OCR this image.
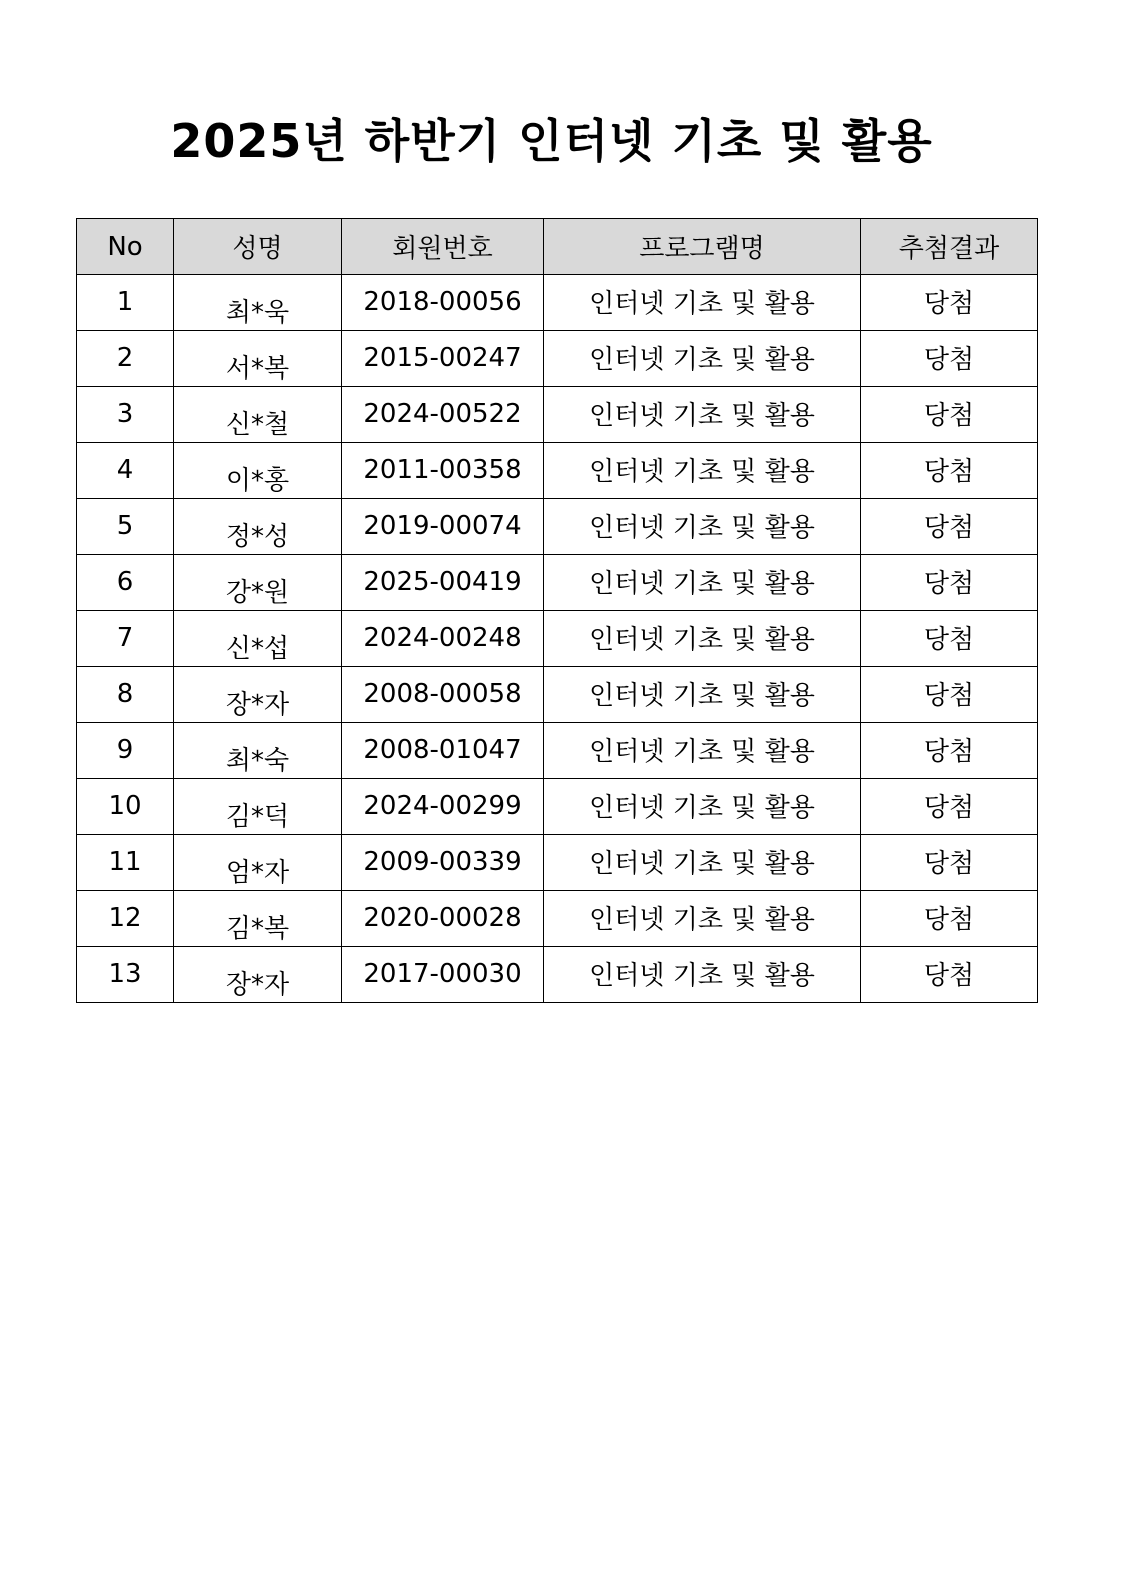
2025년 하반기 인터넷 기초 및 활용
No	성명	회원번호	프로그램명	추첨결과
1	최*욱	2018-00056	인터넷 기초 및 활용	당첨
2	서*복	2015-00247	인터넷 기초 및 활용	당첨
3	신*철	2024-00522	인터넷 기초 및 활용	당첨
4	이*홍	2011-00358	인터넷 기초 및 활용	당첨
5	정*성	2019-00074	인터넷 기초 및 활용	당첨
6	강*원	2025-00419	인터넷 기초 및 활용	당첨
7	신*섭	2024-00248	인터넷 기초 및 활용	당첨
8	장*자	2008-00058	인터넷 기초 및 활용	당첨
9	최*숙	2008-01047	인터넷 기초 및 활용	당첨
10	김*덕	2024-00299	인터넷 기초 및 활용	당첨
11	엄*자	2009-00339	인터넷 기초 및 활용	당첨
12	김*복	2020-00028	인터넷 기초 및 활용	당첨
13	장*자	2017-00030	인터넷 기초 및 활용	당첨
